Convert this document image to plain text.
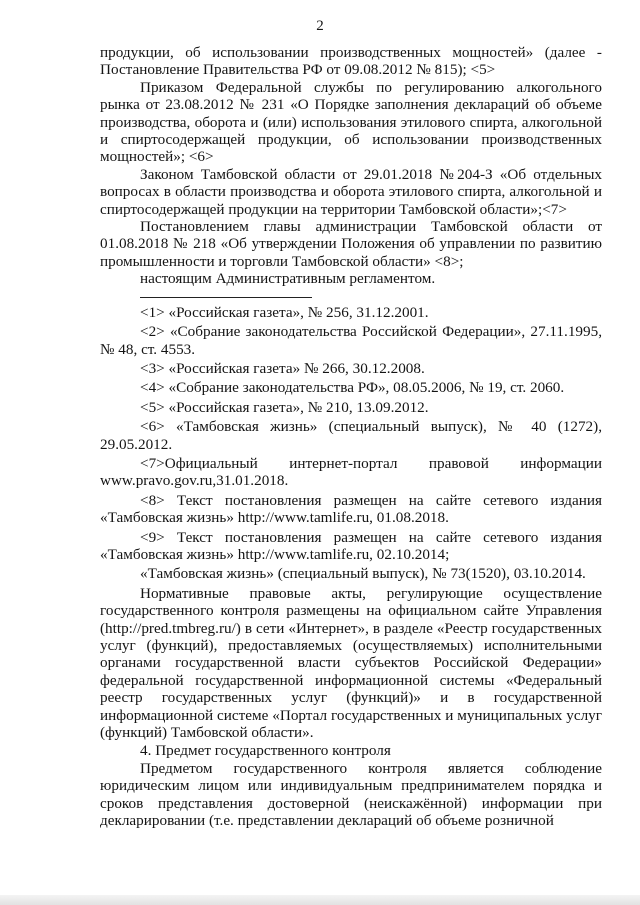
2

продукции, об использовании производственных мощностей» (далее - Постановление Правительства РФ от 09.08.2012 № 815); <5>

Приказом Федеральной службы по регулированию алкогольного рынка от 23.08.2012 № 231 «О Порядке заполнения деклараций об объеме производства, оборота и (или) использования этилового спирта, алкогольной и спиртосодержащей продукции, об использовании производственных мощностей»; <6>

Законом Тамбовской области от 29.01.2018 №204-З «Об отдельных вопросах в области производства и оборота этилового спирта, алкогольной и спиртосодержащей продукции на территории Тамбовской области»;<7>

Постановлением главы администрации Тамбовской области от 01.08.2018 № 218 «Об утверждении Положения об управлении по развитию промышленности и торговли Тамбовской области» <8>;

настоящим Административным регламентом.

<1> «Российская газета», № 256, 31.12.2001.

<2> «Собрание законодательства Российской Федерации», 27.11.1995, № 48, ст. 4553.

<3> «Российская газета» № 266, 30.12.2008.

<4> «Собрание законодательства РФ», 08.05.2006, № 19, ст. 2060.

<5> «Российская газета», № 210, 13.09.2012.

<6> «Тамбовская жизнь» (специальный выпуск), № 40 (1272), 29.05.2012.

<7>Официальный интернет-портал правовой информации www.pravo.gov.ru,31.01.2018.

<8> Текст постановления размещен на сайте сетевого издания «Тамбовская жизнь» http://www.tamlife.ru, 01.08.2018.

<9> Текст постановления размещен на сайте сетевого издания «Тамбовская жизнь» http://www.tamlife.ru, 02.10.2014;

«Тамбовская жизнь» (специальный выпуск), № 73(1520), 03.10.2014.

Нормативные правовые акты, регулирующие осуществление государственного контроля размещены на официальном сайте Управления (http://pred.tmbreg.ru/) в сети «Интернет», в разделе «Реестр государственных услуг (функций), предоставляемых (осуществляемых) исполнительными органами государственной власти субъектов Российской Федерации» федеральной государственной информационной системы «Федеральный реестр государственных услуг (функций)» и в государственной информационной системе «Портал государственных и муниципальных услуг (функций) Тамбовской области».

4. Предмет государственного контроля

Предметом государственного контроля является соблюдение юридическим лицом или индивидуальным предпринимателем порядка и сроков представления достоверной (неискажённой) информации при декларировании (т.е. представлении деклараций об объеме розничной
